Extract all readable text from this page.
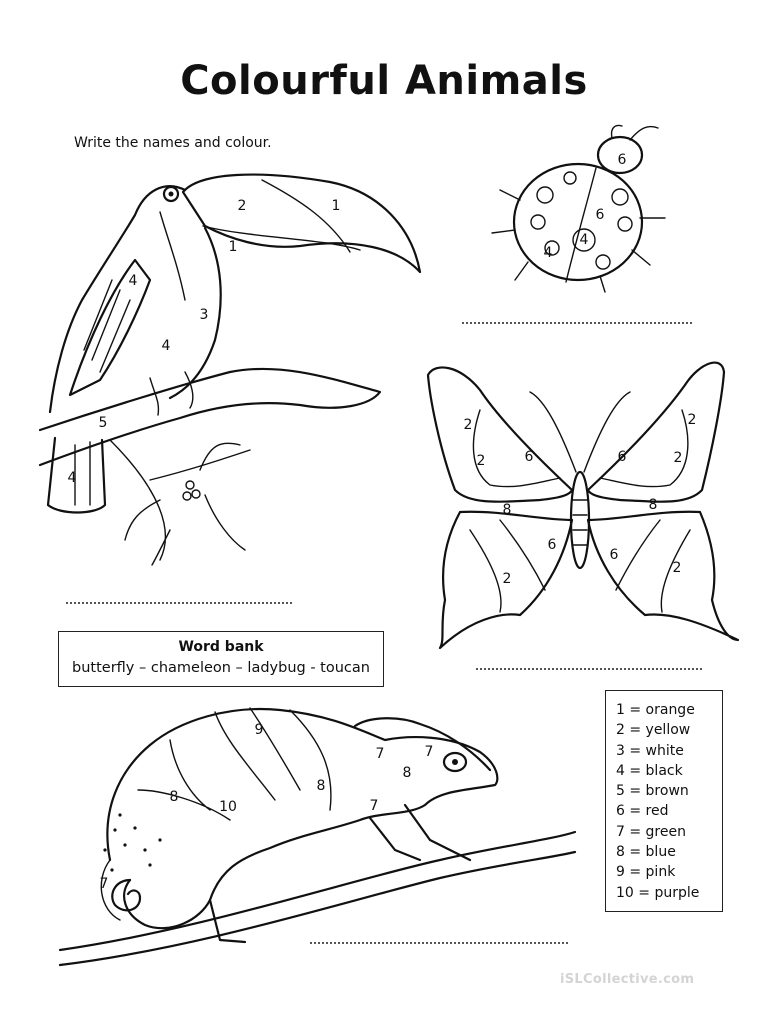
Colourful Animals
Write the names and colour.
2	1
1
4
3
4
5
4
6
6
4
4
2
2
2
2
6	6
8	8
6
6
2
2
Word bank
butterfly – chameleon – ladybug - toucan
9
7	7
8
8
8
10	7
7
1 = orange
2 = yellow
3 = white
4 = black
5 = brown
6 = red
7 = green
8 = blue
9 = pink
10 = purple
iSLCollective.com
